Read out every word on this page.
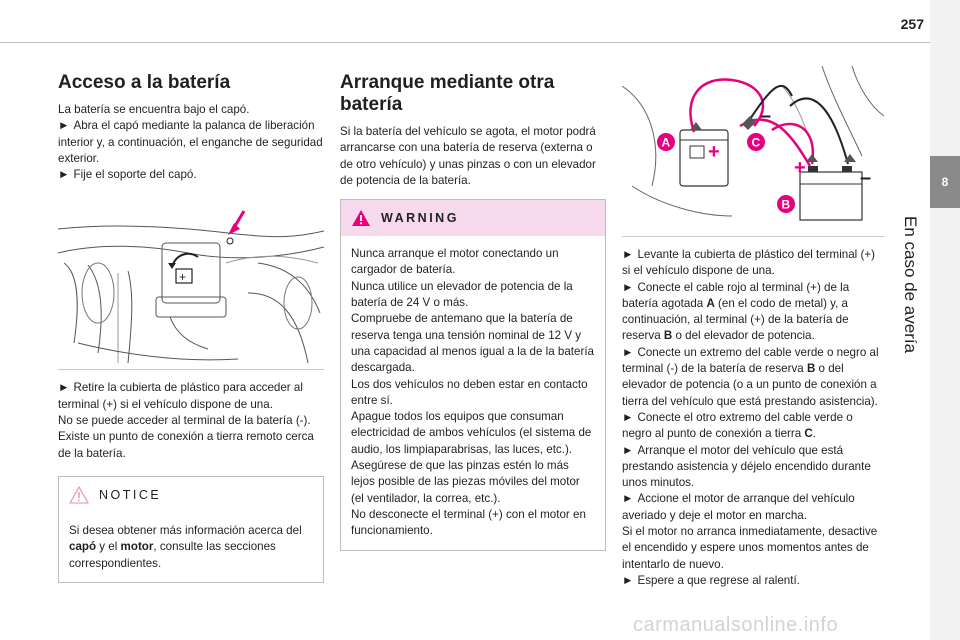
257
8
En caso de avería
Acceso a la batería

La batería se encuentra bajo el capó.

► Abra el capó mediante la palanca de liberación interior y, a continuación, el enganche de seguridad exterior.

► Fije el soporte del capó.

+

► Retire la cubierta de plástico para acceder al terminal (+) si el vehículo dispone de una.

No se puede acceder al terminal de la batería (-).

Existe un punto de conexión a tierra remoto cerca de la batería.

NOTICE

Si desea obtener más información acerca del capó y el motor, consulte las secciones correspondientes.

Arranque mediante otra batería

Si la batería del vehículo se agota, el motor podrá arrancarse con una batería de reserva (externa o de otro vehículo) y unas pinzas o con un elevador de potencia de la batería.

WARNING

Nunca arranque el motor conectando un cargador de batería.

Nunca utilice un elevador de potencia de la batería de 24 V o más.

Compruebe de antemano que la batería de reserva tenga una tensión nominal de 12 V y una capacidad al menos igual a la de la batería descargada.

Los dos vehículos no deben estar en contacto entre sí.

Apague todos los equipos que consuman electricidad de ambos vehículos (el sistema de audio, los limpiaparabrisas, las luces, etc.).

Asegúrese de que las pinzas estén lo más lejos posible de las piezas móviles del motor (el ventilador, la correa, etc.).

No desconecte el terminal (+) con el motor en funcionamiento.

A	C
B
+
+	–
–

► Levante la cubierta de plástico del terminal (+) si el vehículo dispone de una.

► Conecte el cable rojo al terminal (+) de la batería agotada A (en el codo de metal) y, a continuación, al terminal (+) de la batería de reserva B o del elevador de potencia.

► Conecte un extremo del cable verde o negro al terminal (-) de la batería de reserva B o del elevador de potencia (o a un punto de conexión a tierra del vehículo que está prestando asistencia).

► Conecte el otro extremo del cable verde o negro al punto de conexión a tierra C.

► Arranque el motor del vehículo que está prestando asistencia y déjelo encendido durante unos minutos.

► Accione el motor de arranque del vehículo averiado y deje el motor en marcha.

Si el motor no arranca inmediatamente, desactive el encendido y espere unos momentos antes de intentarlo de nuevo.

► Espere a que regrese al ralentí.

carmanualsonline.info
